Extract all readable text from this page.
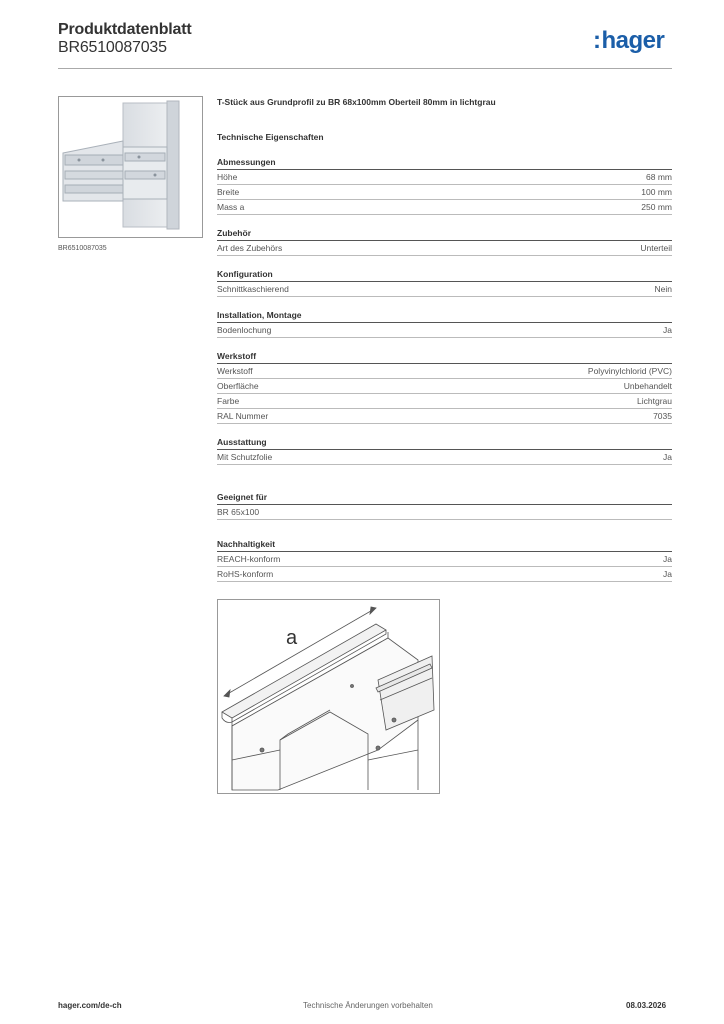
Produktdatenblatt
BR6510087035	:hager
BR6510087035
T-Stück aus Grundprofil zu BR 68x100mm Oberteil 80mm in lichtgrau
Technische Eigenschaften
Abmessungen
Höhe	68 mm
Breite	100 mm
Mass a	250 mm
Zubehör
Art des Zubehörs	Unterteil
Konfiguration
Schnittkaschierend	Nein
Installation, Montage
Bodenlochung	Ja
Werkstoff
Werkstoff	Polyvinylchlorid (PVC)
Oberfläche	Unbehandelt
Farbe	Lichtgrau
RAL Nummer	7035
Ausstattung
Mit Schutzfolie	Ja
Geeignet für
BR 65x100
Nachhaltigkeit
REACH-konform	Ja
RoHS-konform	Ja
a
hager.com/de-ch	Technische Änderungen vorbehalten	08.03.2026
